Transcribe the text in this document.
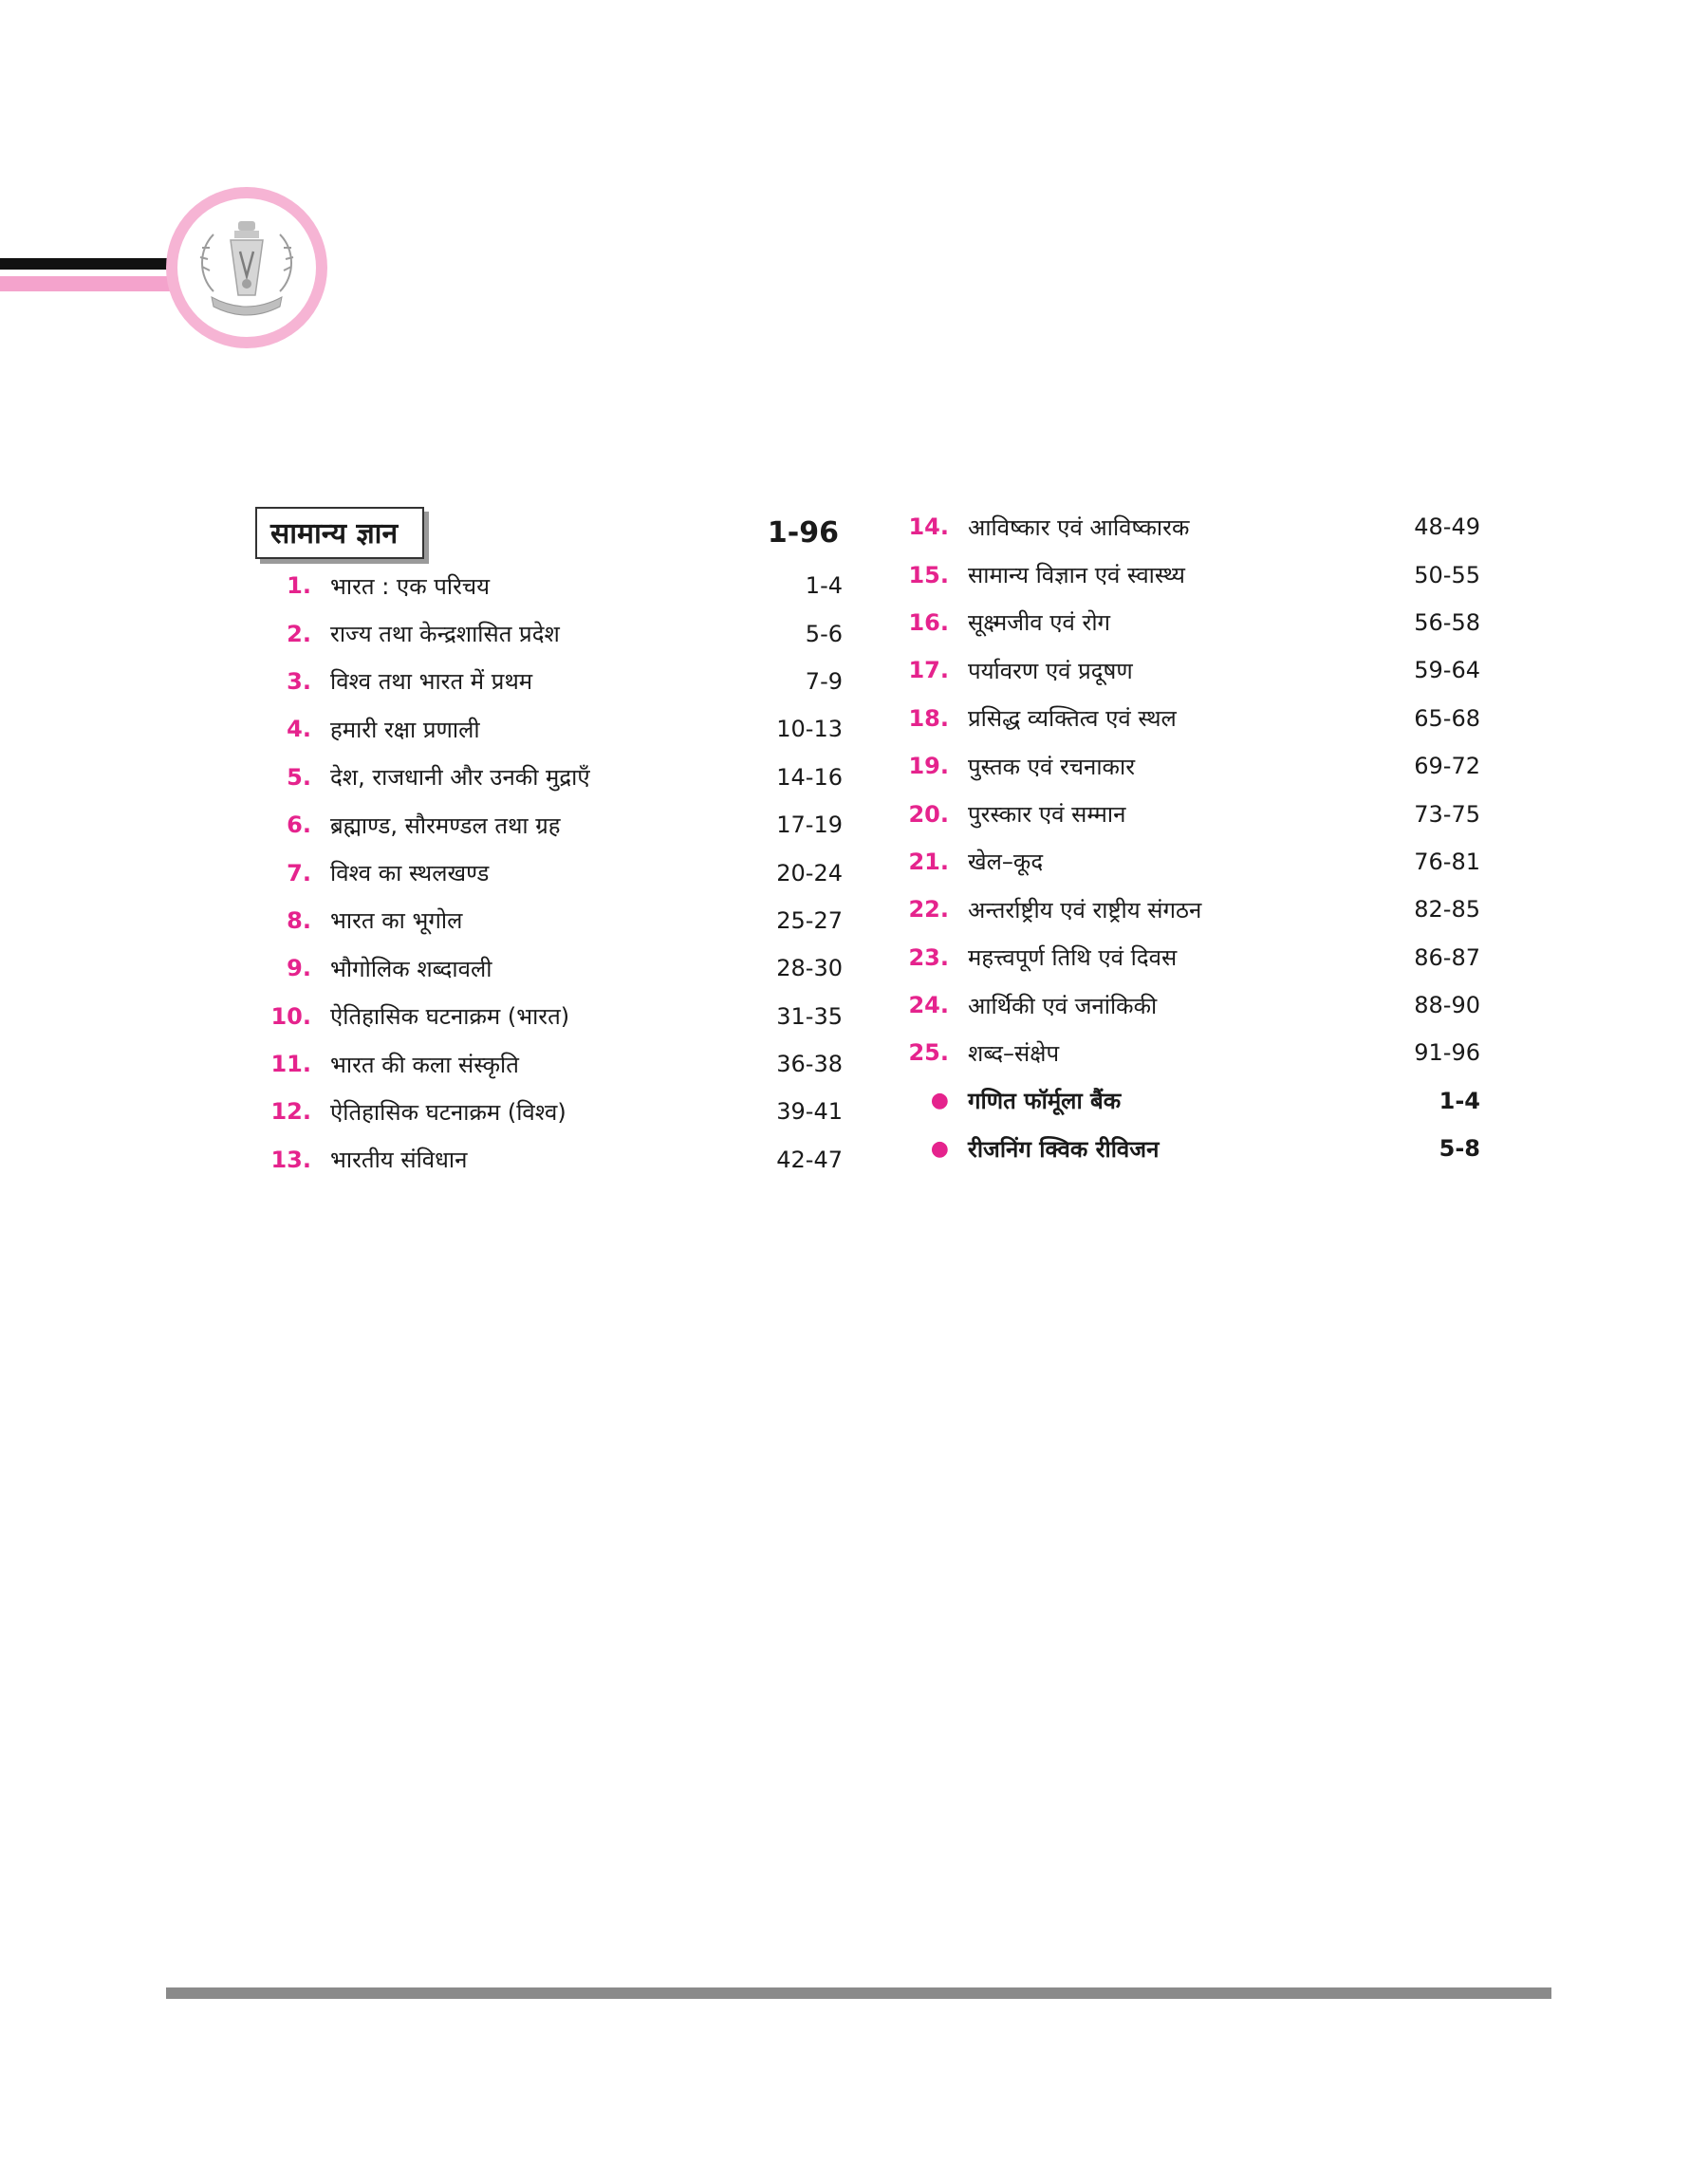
सामान्य ज्ञान	1-96
1. भारत : एक परिचय	1-4
2. राज्य तथा केन्द्रशासित प्रदेश	5-6
3. विश्व तथा भारत में प्रथम	7-9
4. हमारी रक्षा प्रणाली	10-13
5. देश, राजधानी और उनकी मुद्राएँ	14-16
6. ब्रह्माण्ड, सौरमण्डल तथा ग्रह	17-19
7. विश्व का स्थलखण्ड	20-24
8. भारत का भूगोल	25-27
9. भौगोलिक शब्दावली	28-30
10. ऐतिहासिक घटनाक्रम (भारत)	31-35
11. भारत की कला संस्कृति	36-38
12. ऐतिहासिक घटनाक्रम (विश्व)	39-41
13. भारतीय संविधान	42-47
14. आविष्कार एवं आविष्कारक	48-49
15. सामान्य विज्ञान एवं स्वास्थ्य	50-55
16. सूक्ष्मजीव एवं रोग	56-58
17. पर्यावरण एवं प्रदूषण	59-64
18. प्रसिद्ध व्यक्तित्व एवं स्थल	65-68
19. पुस्तक एवं रचनाकार	69-72
20. पुरस्कार एवं सम्मान	73-75
21. खेल–कूद	76-81
22. अन्तर्राष्ट्रीय एवं राष्ट्रीय संगठन	82-85
23. महत्त्वपूर्ण तिथि एवं दिवस	86-87
24. आर्थिकी एवं जनांकिकी	88-90
25. शब्द–संक्षेप	91-96
● गणित फॉर्मूला बैंक	1-4
● रीजनिंग क्विक रीविजन	5-8
